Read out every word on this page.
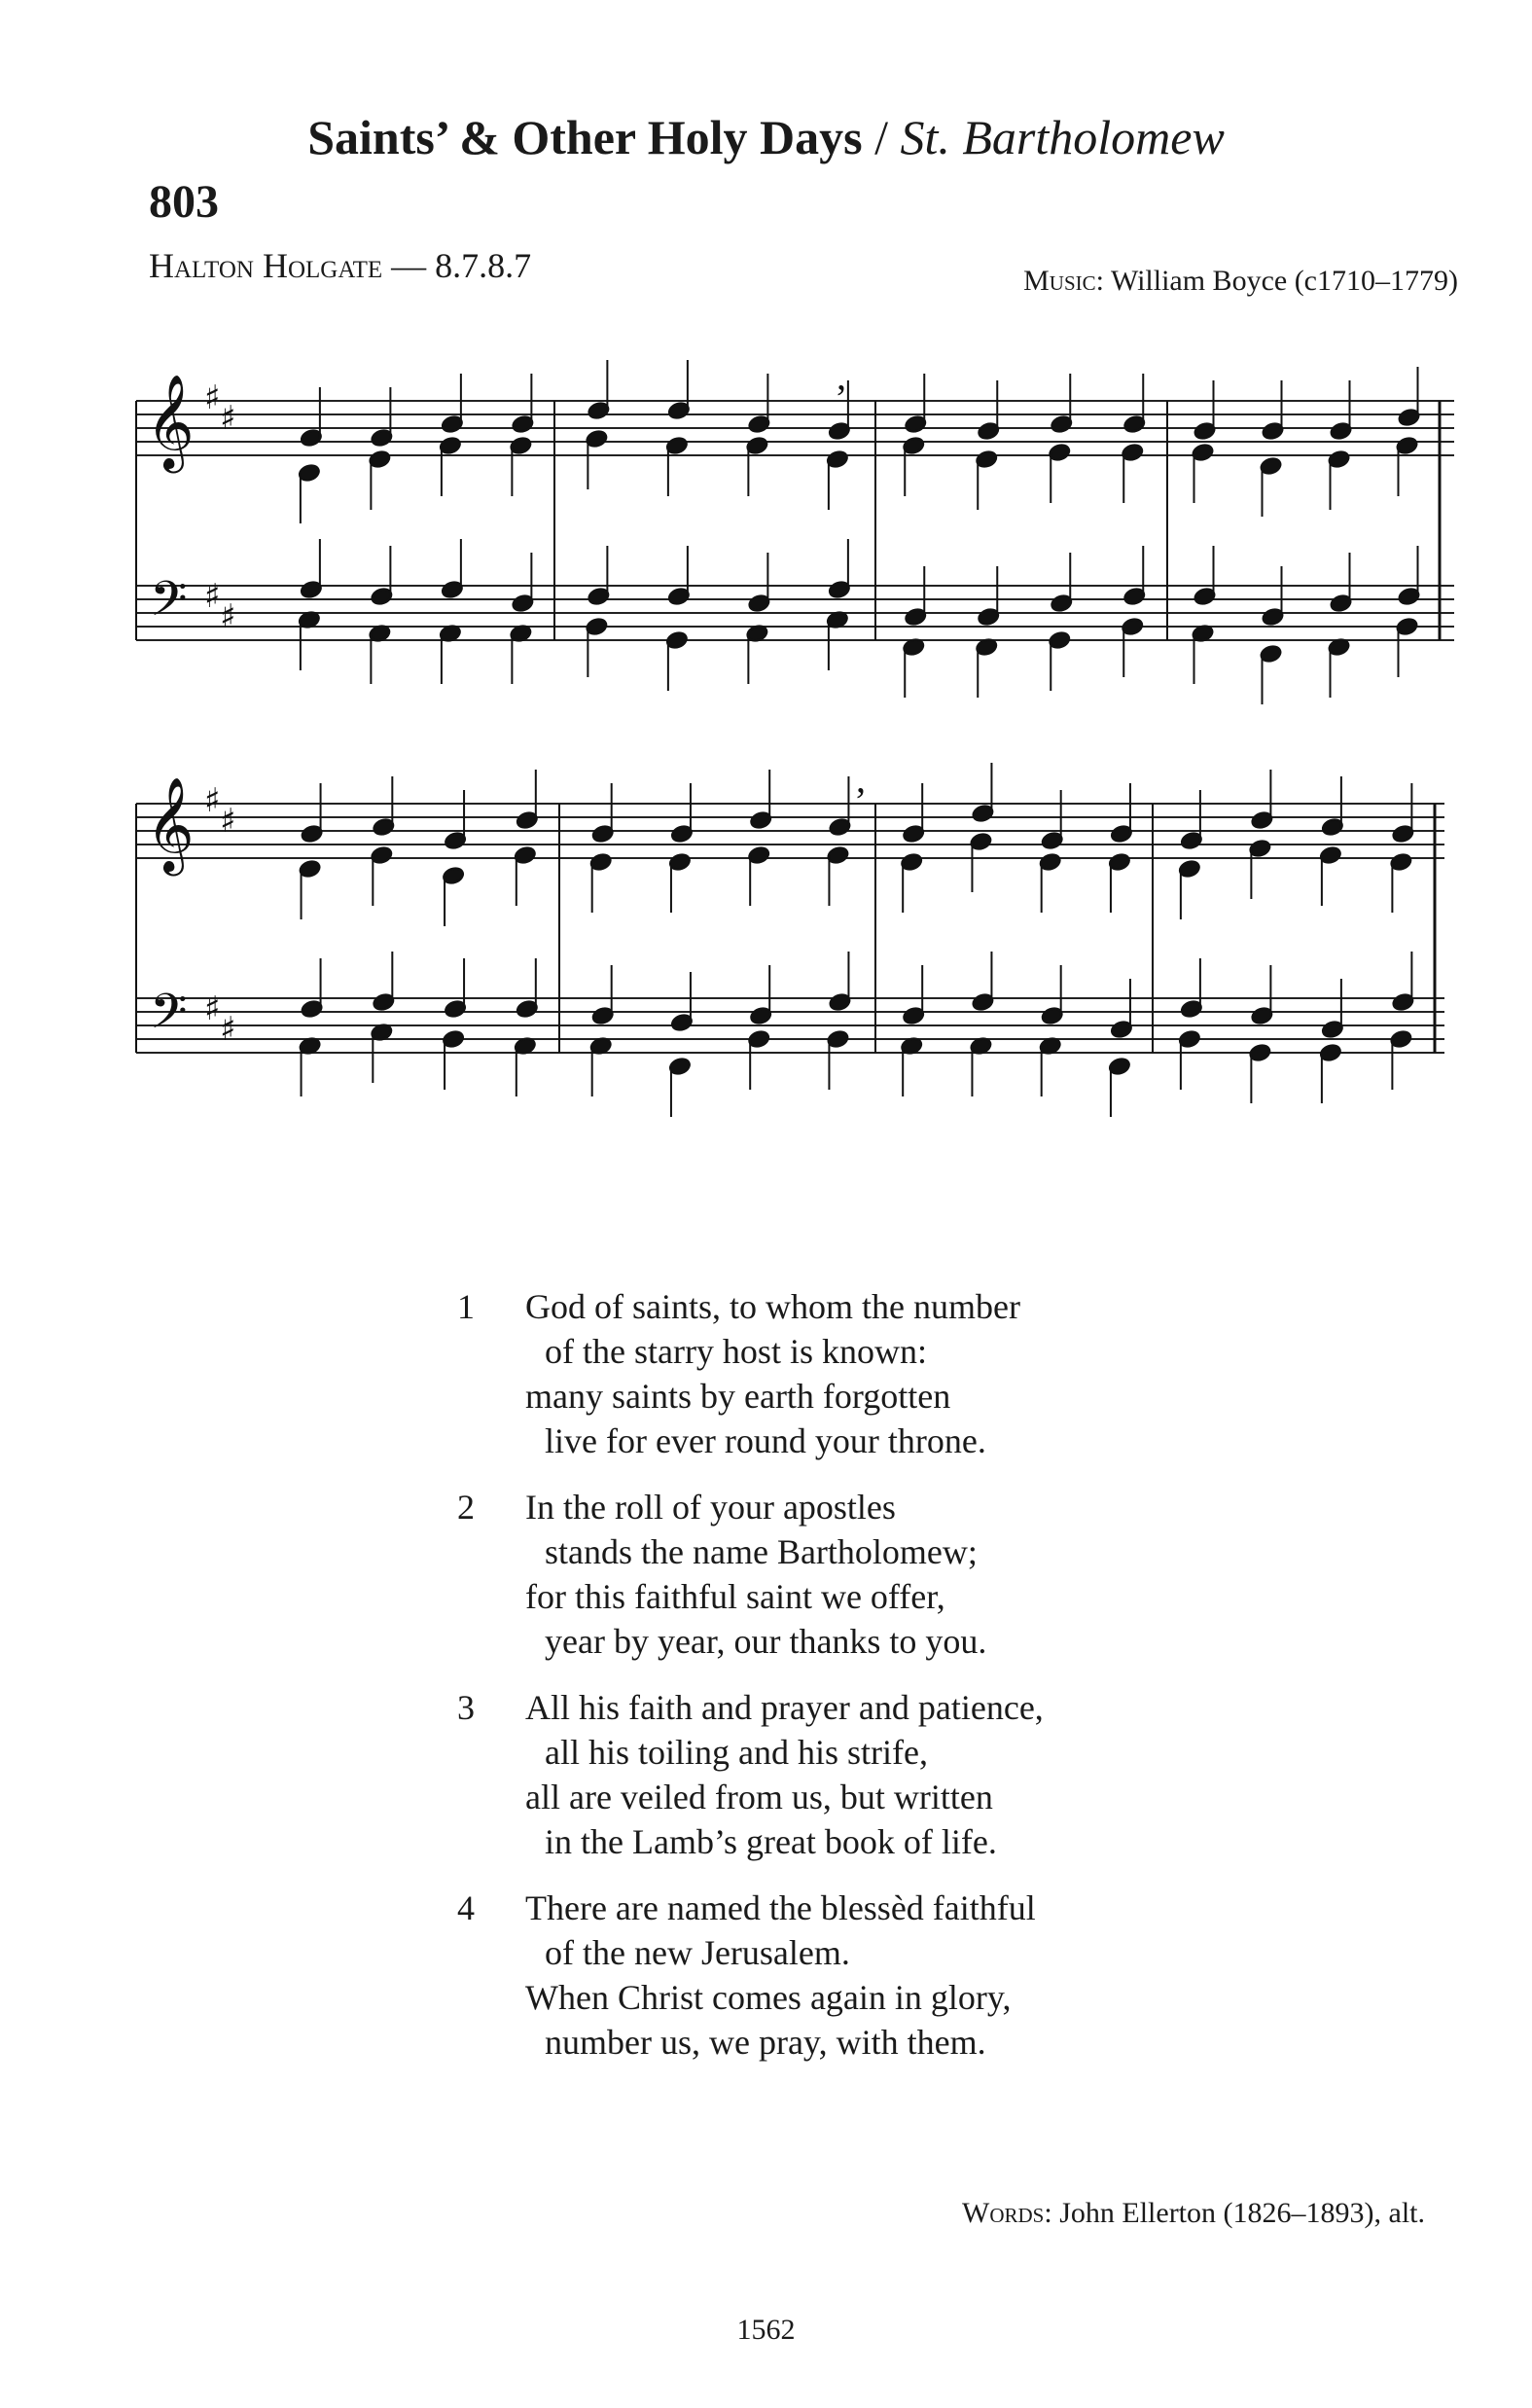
Saints’ & Other Holy Days / St. Bartholomew
803
Halton Holgate — 8.7.8.7	Music: William Boyce (c1710–1779)
𝄞
𝄢
♯
♯
♯
♯
,
𝄞
𝄢
♯
♯
♯
♯
,
1	God of saints, to whom the number
of the starry host is known:
many saints by earth forgotten
live for ever round your throne.
2	In the roll of your apostles
stands the name Bartholomew;
for this faithful saint we offer,
year by year, our thanks to you.
3	All his faith and prayer and patience,
all his toiling and his strife,
all are veiled from us, but written
in the Lamb’s great book of life.
4	There are named the blessèd faithful
of the new Jerusalem.
When Christ comes again in glory,
number us, we pray, with them.
Words: John Ellerton (1826–1893), alt.
1562
